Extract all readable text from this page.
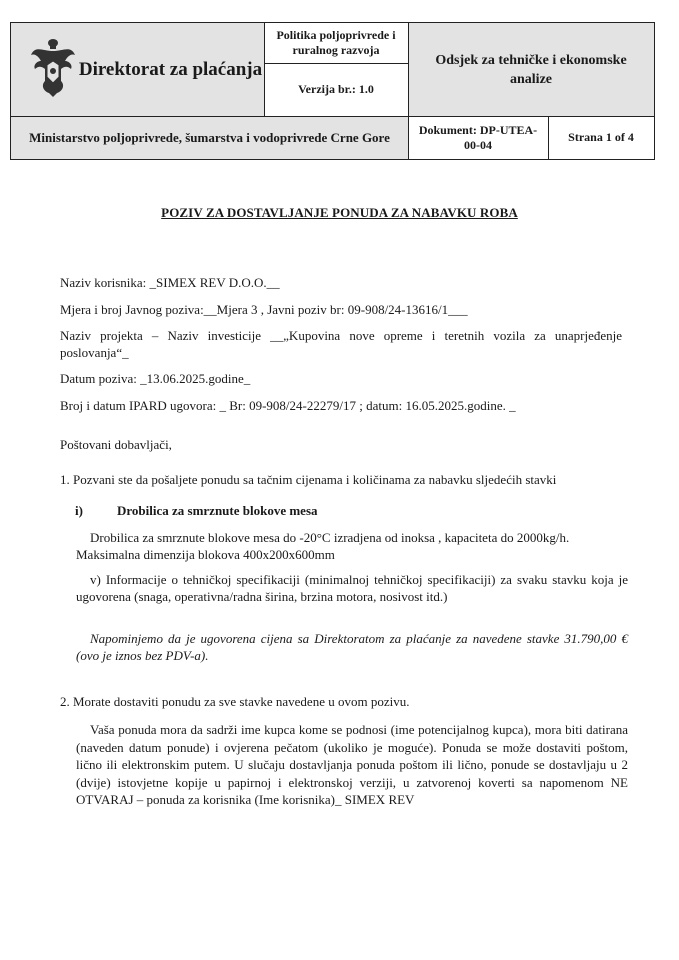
Direktorat za plaćanja
Politika poljoprivrede i ruralnog razvoja
Verzija br.: 1.0
Odsjek za tehničke i ekonomske analize
Ministarstvo poljoprivrede, šumarstva i vodoprivrede Crne Gore
Dokument: DP-UTEA-00-04
Strana 1 of 4
POZIV ZA DOSTAVLJANJE PONUDA ZA NABAVKU ROBA

Naziv korisnika: _SIMEX REV D.O.O.__

Mjera i broj Javnog poziva:__Mjera 3 , Javni poziv br: 09-908/24-13616/1___

Naziv projekta – Naziv investicije __„Kupovina nove opreme i teretnih vozila za unaprjeđenje poslovanja“_

Datum poziva: _13.06.2025.godine_

Broj i datum IPARD ugovora: _ Br: 09-908/24-22279/17 ; datum: 16.05.2025.godine. _

Poštovani dobavljači,

1. Pozvani ste da pošaljete ponudu sa tačnim cijenama i količinama za nabavku sljedećih stavki

i)	Drobilica za smrznute blokove mesa

Drobilica za smrznute blokove mesa do -20°C izradjena od inoksa , kapaciteta do 2000kg/h. Maksimalna dimenzija blokova 400x200x600mm

v) Informacije o tehničkoj specifikaciji (minimalnoj tehničkoj specifikaciji) za svaku stavku koja je ugovorena (snaga, operativna/radna širina, brzina motora, nosivost itd.)

Napominjemo da je ugovorena cijena sa Direktoratom za plaćanje za navedene stavke 31.790,00 € (ovo je iznos bez PDV-a).

2. Morate dostaviti ponudu za sve stavke navedene u ovom pozivu.

Vaša ponuda mora da sadrži ime kupca kome se podnosi (ime potencijalnog kupca), mora biti datirana (naveden datum ponude) i ovjerena pečatom (ukoliko je moguće). Ponuda se može dostaviti poštom, lično ili elektronskim putem. U slučaju dostavljanja ponuda poštom ili lično, ponude se dostavljaju u 2 (dvije) istovjetne kopije u papirnoj i elektronskoj verziji, u zatvorenoj koverti sa napomenom NE OTVARAJ – ponuda za korisnika (Ime korisnika)_ SIMEX REV
